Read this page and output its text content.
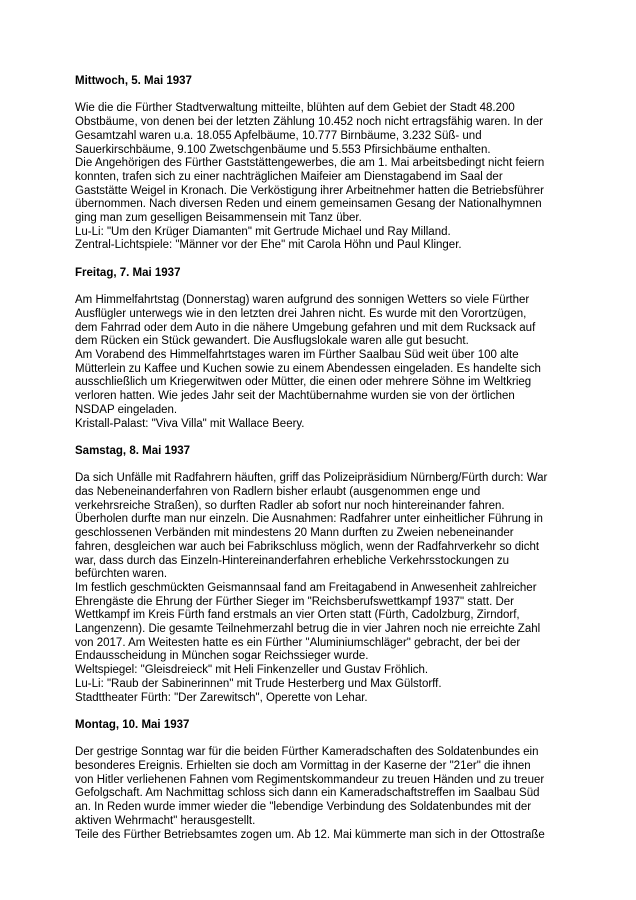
Mittwoch, 5. Mai 1937
Wie die die Fürther Stadtverwaltung mitteilte, blühten auf dem Gebiet der Stadt 48.200
Obstbäume, von denen bei der letzten Zählung 10.452 noch nicht ertragsfähig waren. In der
Gesamtzahl waren u.a. 18.055 Apfelbäume, 10.777 Birnbäume, 3.232 Süß- und
Sauerkirschbäume, 9.100 Zwetschgenbäume und 5.553 Pfirsichbäume enthalten.
Die Angehörigen des Fürther Gaststättengewerbes, die am 1. Mai arbeitsbedingt nicht feiern
konnten, trafen sich zu einer nachträglichen Maifeier am Dienstagabend im Saal der
Gaststätte Weigel in Kronach. Die Verköstigung ihrer Arbeitnehmer hatten die Betriebsführer
übernommen. Nach diversen Reden und einem gemeinsamen Gesang der Nationalhymnen
ging man zum geselligen Beisammensein mit Tanz über.
Lu-Li: "Um den Krüger Diamanten" mit Gertrude Michael und Ray Milland.
Zentral-Lichtspiele: "Männer vor der Ehe" mit Carola Höhn und Paul Klinger.
Freitag, 7. Mai 1937
Am Himmelfahrtstag (Donnerstag) waren aufgrund des sonnigen Wetters so viele Fürther
Ausflügler unterwegs wie in den letzten drei Jahren nicht. Es wurde mit den Vorortzügen,
dem Fahrrad oder dem Auto in die nähere Umgebung gefahren und mit dem Rucksack auf
dem Rücken ein Stück gewandert. Die Ausflugslokale waren alle gut besucht.
Am Vorabend des Himmelfahrtstages waren im Fürther Saalbau Süd weit über 100 alte
Mütterlein zu Kaffee und Kuchen sowie zu einem Abendessen eingeladen. Es handelte sich
ausschließlich um Kriegerwitwen oder Mütter, die einen oder mehrere Söhne im Weltkrieg
verloren hatten. Wie jedes Jahr seit der Machtübernahme wurden sie von der örtlichen
NSDAP eingeladen.
Kristall-Palast: "Viva Villa" mit Wallace Beery.
Samstag, 8. Mai 1937
Da sich Unfälle mit Radfahrern häuften, griff das Polizeipräsidium Nürnberg/Fürth durch: War
das Nebeneinanderfahren von Radlern bisher erlaubt (ausgenommen enge und
verkehrsreiche Straßen), so durften Radler ab sofort nur noch hintereinander fahren.
Überholen durfte man nur einzeln. Die Ausnahmen: Radfahrer unter einheitlicher Führung in
geschlossenen Verbänden mit mindestens 20 Mann durften zu Zweien nebeneinander
fahren, desgleichen war auch bei Fabrikschluss möglich, wenn der Radfahrverkehr so dicht
war, dass durch das Einzeln-Hintereinanderfahren erhebliche Verkehrsstockungen zu
befürchten waren.
Im festlich geschmückten Geismannsaal fand am Freitagabend in Anwesenheit zahlreicher
Ehrengäste die Ehrung der Fürther Sieger im "Reichsberufswettkampf 1937" statt. Der
Wettkampf im Kreis Fürth fand erstmals an vier Orten statt (Fürth, Cadolzburg, Zirndorf,
Langenzenn). Die gesamte Teilnehmerzahl betrug die in vier Jahren noch nie erreichte Zahl
von 2017. Am Weitesten hatte es ein Fürther "Aluminiumschläger" gebracht, der bei der
Endausscheidung in München sogar Reichssieger wurde.
Weltspiegel: "Gleisdreieck" mit Heli Finkenzeller und Gustav Fröhlich.
Lu-Li: "Raub der Sabinerinnen" mit Trude Hesterberg und Max Gülstorff.
Stadttheater Fürth: "Der Zarewitsch", Operette von Lehar.
Montag, 10. Mai 1937
Der gestrige Sonntag war für die beiden Fürther Kameradschaften des Soldatenbundes ein
besonderes Ereignis. Erhielten sie doch am Vormittag in der Kaserne der "21er" die ihnen
von Hitler verliehenen Fahnen vom Regimentskommandeur zu treuen Händen und zu treuer
Gefolgschaft. Am Nachmittag schloss sich dann ein Kameradschaftstreffen im Saalbau Süd
an. In Reden wurde immer wieder die "lebendige Verbindung des Soldatenbundes mit der
aktiven Wehrmacht" herausgestellt.
Teile des Fürther Betriebsamtes zogen um. Ab 12. Mai kümmerte man sich in der Ottostraße
